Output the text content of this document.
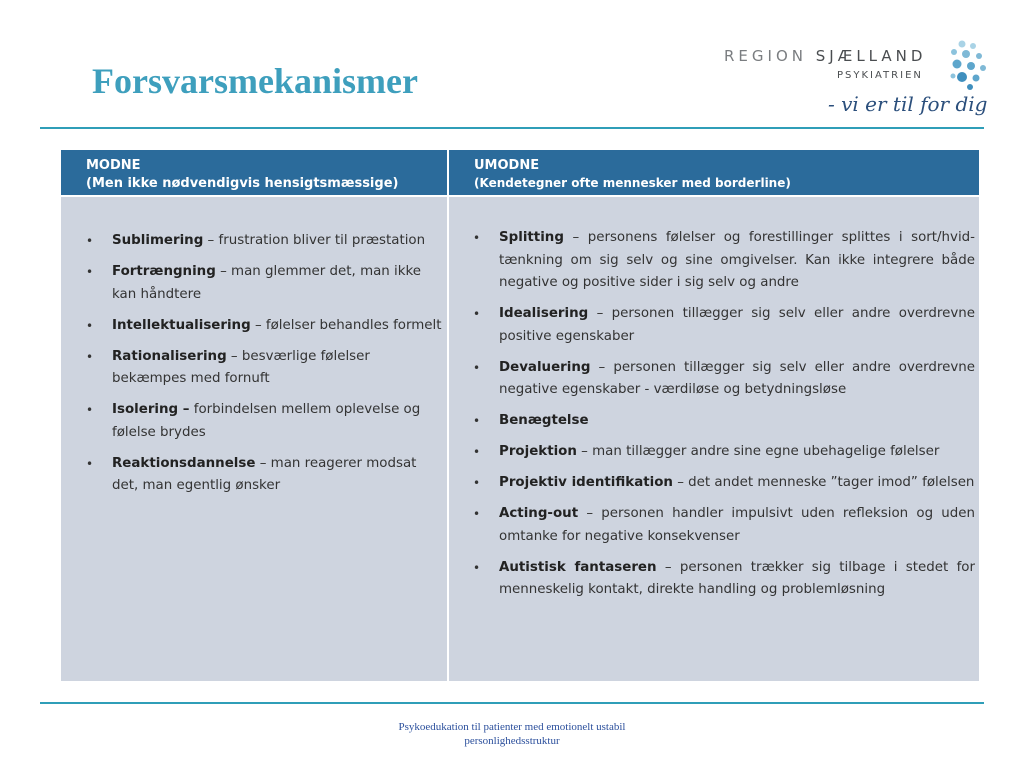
Forsvarsmekanismer
REGION SJÆLLAND
PSYKIATRIEN
- vi er til for dig
MODNE
(Men ikke nødvendigvis hensigtsmæssige)
• Sublimering – frustration bliver til præstation
• Fortrængning – man glemmer det, man ikke kan håndtere
• Intellektualisering – følelser behandles formelt
• Rationalisering – besværlige følelser bekæmpes med fornuft
• Isolering – forbindelsen mellem oplevelse og følelse brydes
• Reaktionsdannelse – man reagerer modsat det, man egentlig ønsker
UMODNE
(Kendetegner ofte mennesker med borderline)
• Splitting – personens følelser og forestillinger splittes i sort/hvid-tænkning om sig selv og sine omgivelser. Kan ikke integrere både negative og positive sider i sig selv og andre
• Idealisering – personen tillægger sig selv eller andre overdrevne positive egenskaber
• Devaluering – personen tillægger sig selv eller andre overdrevne negative egenskaber - værdiløse og betydningsløse
• Benægtelse
• Projektion – man tillægger andre sine egne ubehagelige følelser
• Projektiv identifikation – det andet menneske ”tager imod” følelsen
• Acting-out – personen handler impulsivt uden refleksion og uden omtanke for negative konsekvenser
• Autistisk fantaseren – personen trækker sig tilbage i stedet for menneskelig kontakt, direkte handling og problemløsning
Psykoedukation til patienter med emotionelt ustabil
personlighedsstruktur
